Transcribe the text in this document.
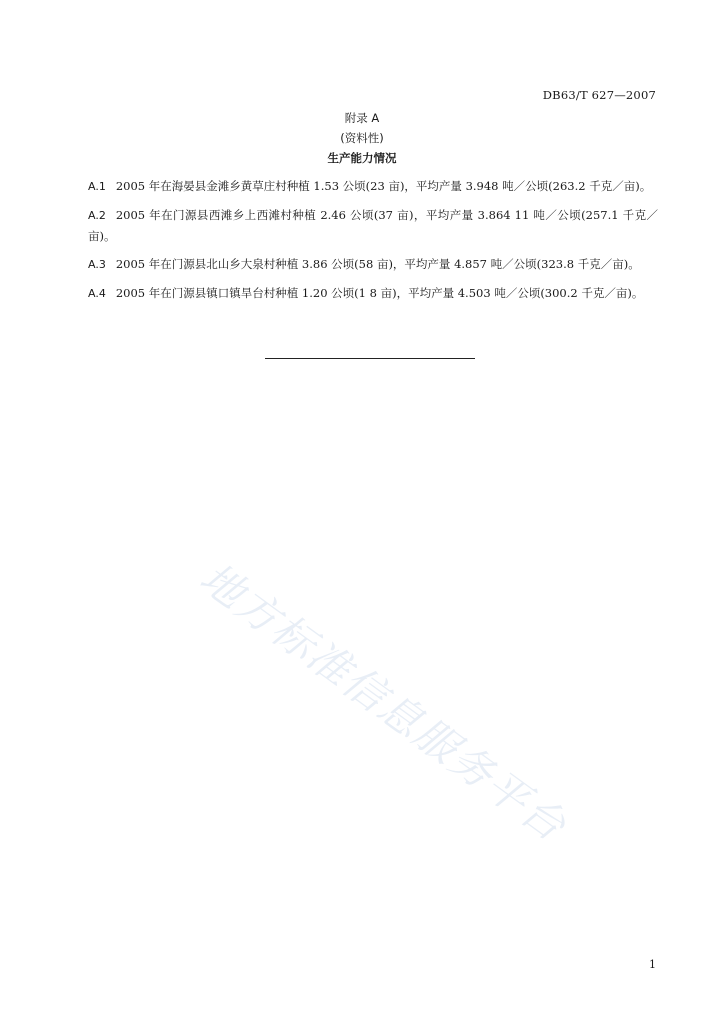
DB63/T 627—2007
附录 A
(资料性)
生产能力情况

A.1 2005 年在海晏县金滩乡黄草庄村种植 1.53 公顷(23 亩)，平均产量 3.948 吨／公顷(263.2 千克／亩)。

A.2 2005 年在门源县西滩乡上西滩村种植 2.46 公顷(37 亩)，平均产量 3.864 11 吨／公顷(257.1 千克／亩)。

A.3 2005 年在门源县北山乡大泉村种植 3.86 公顷(58 亩)，平均产量 4.857 吨／公顷(323.8 千克／亩)。

A.4 2005 年在门源县镇口镇旱台村种植 1.20 公顷(1 8 亩)，平均产量 4.503 吨／公顷(300.2 千克／亩)。

地方标准信息服务平台
1
